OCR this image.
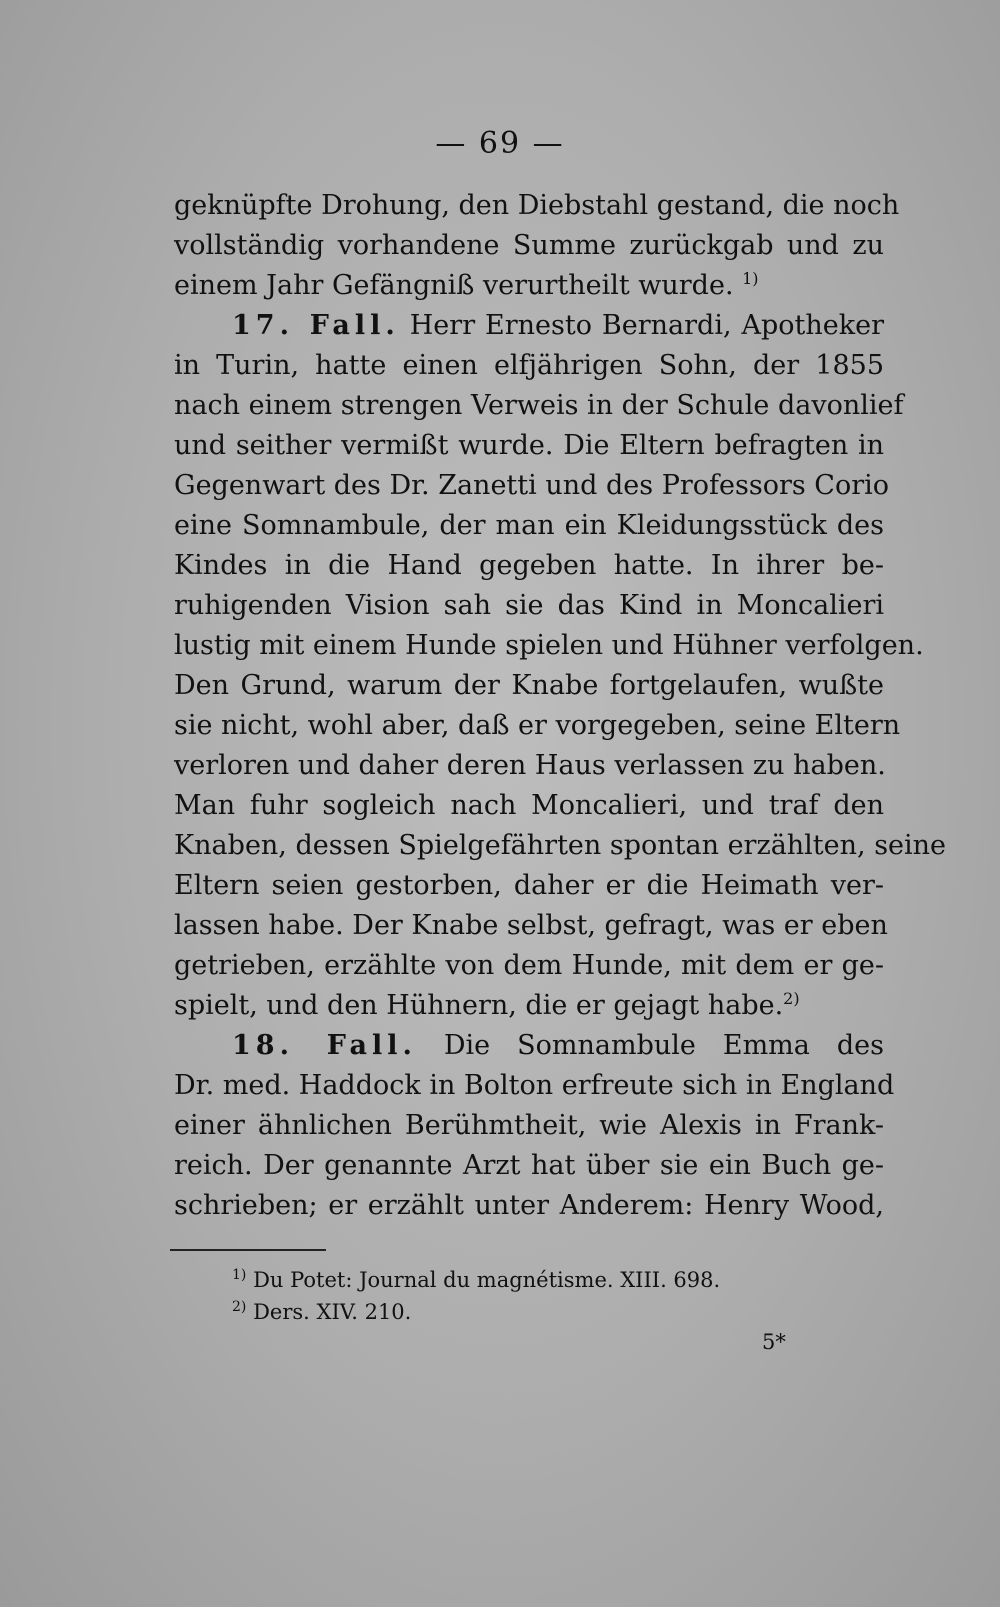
— 69 —
geknüpfte Drohung, den Diebstahl gestand, die noch
vollständig vorhandene Summe zurückgab und zu
einem Jahr Gefängniß verurtheilt wurde. $^{1)}$
17. Fall. Herr Ernesto Bernardi, Apotheker
in Turin, hatte einen elfjährigen Sohn, der 1855
nach einem strengen Verweis in der Schule davonlief
und seither vermißt wurde. Die Eltern befragten in
Gegenwart des Dr. Zanetti und des Professors Corio
eine Somnambule, der man ein Kleidungsstück des
Kindes in die Hand gegeben hatte. In ihrer be-
ruhigenden Vision sah sie das Kind in Moncalieri
lustig mit einem Hunde spielen und Hühner verfolgen.
Den Grund, warum der Knabe fortgelaufen, wußte
sie nicht, wohl aber, daß er vorgegeben, seine Eltern
verloren und daher deren Haus verlassen zu haben.
Man fuhr sogleich nach Moncalieri, und traf den
Knaben, dessen Spielgefährten spontan erzählten, seine
Eltern seien gestorben, daher er die Heimath ver-
lassen habe. Der Knabe selbst, gefragt, was er eben
getrieben, erzählte von dem Hunde, mit dem er ge-
spielt, und den Hühnern, die er gejagt habe.$^{2)}$
18. Fall. Die Somnambule Emma des
Dr. med. Haddock in Bolton erfreute sich in England
einer ähnlichen Berühmtheit, wie Alexis in Frank-
reich. Der genannte Arzt hat über sie ein Buch ge-
schrieben; er erzählt unter Anderem: Henry Wood,
$^{1)}$ Du Potet: Journal du magnétisme. XIII. 698.
$^{2)}$ Ders. XIV. 210.
5*
